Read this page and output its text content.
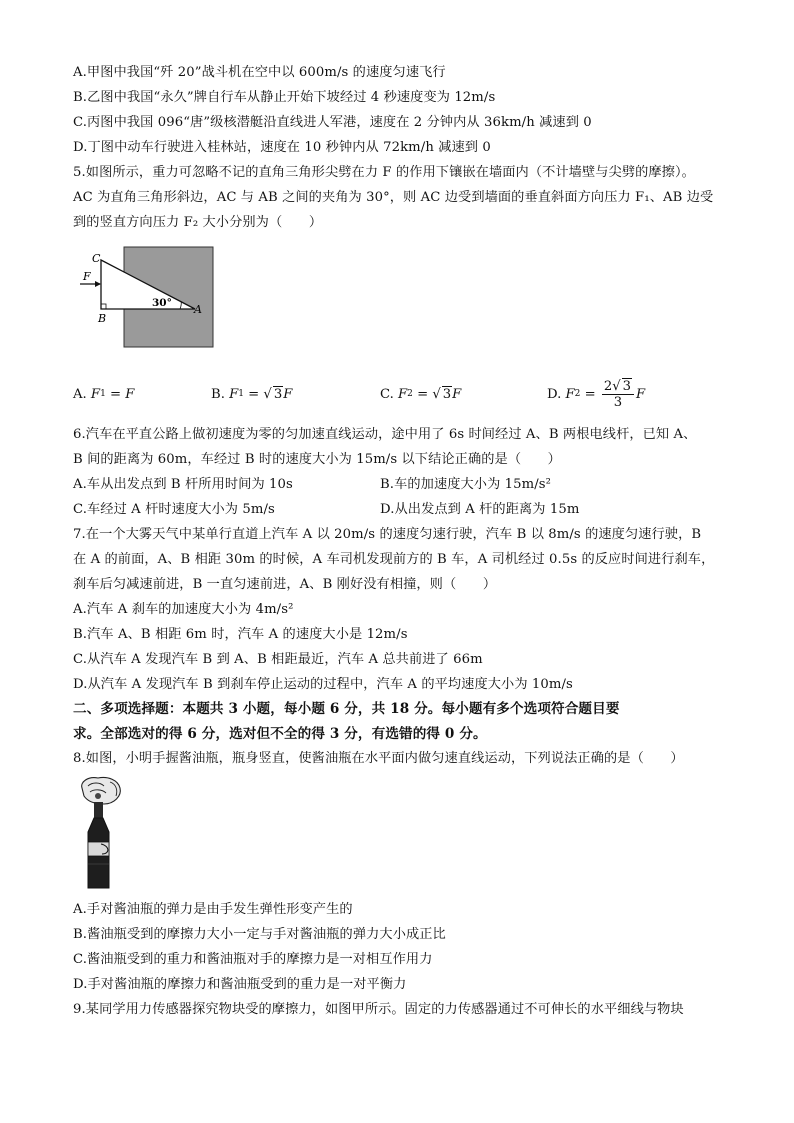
A.甲图中我国“歼 20”战斗机在空中以 600m/s 的速度匀速飞行
B.乙图中我国“永久”牌自行车从静止开始下坡经过 4 秒速度变为 12m/s
C.丙图中我国 096“唐”级核潜艇沿直线进人军港，速度在 2 分钟内从 36km/h 减速到 0
D.丁图中动车行驶进入桂林站，速度在 10 秒钟内从 72km/h 减速到 0
5.如图所示，重力可忽略不记的直角三角形尖劈在力 F 的作用下镶嵌在墙面内（不计墙壁与尖劈的摩擦）。
AC 为直角三角形斜边，AC 与 AB 之间的夹角为 30°，则 AC 边受到墙面的垂直斜面方向压力 F₁、AB 边受
到的竖直方向压力 F₂ 大小分别为（　　）
C
F
B
A
30°
A.
F 1 = F	B.
F 1 = √ 3 F	C.
F 2 = √ 3 F	D.
F $2 = \frac{2√ 3}{3}$ F
6.汽车在平直公路上做初速度为零的匀加速直线运动，途中用了 6s 时间经过 A、B 两根电线杆，已知 A、
B 间的距离为 60m，车经过 B 时的速度大小为 15m/s 以下结论正确的是（　　）
A.车从出发点到 B 杆所用时间为 10s	B.车的加速度大小为 15m/s²
C.车经过 A 杆时速度大小为 5m/s	D.从出发点到 A 杆的距离为 15m
7.在一个大雾天气中某单行直道上汽车 A 以 20m/s 的速度匀速行驶，汽车 B 以 8m/s 的速度匀速行驶，B
在 A 的前面，A、B 相距 30m 的时候，A 车司机发现前方的 B 车，A 司机经过 0.5s 的反应时间进行刹车，
刹车后匀减速前进，B 一直匀速前进，A、B 刚好没有相撞，则（　　）
A.汽车 A 刹车的加速度大小为 4m/s²
B.汽车 A、B 相距 6m 时，汽车 A 的速度大小是 12m/s
C.从汽车 A 发现汽车 B 到 A、B 相距最近，汽车 A 总共前进了 66m
D.从汽车 A 发现汽车 B 到刹车停止运动的过程中，汽车 A 的平均速度大小为 10m/s
二、多项选择题：本题共 3 小题，每小题 6 分，共 18 分。每小题有多个选项符合题目要
求。全部选对的得 6 分，选对但不全的得 3 分，有选错的得 0 分。
8.如图，小明手握酱油瓶，瓶身竖直，使酱油瓶在水平面内做匀速直线运动，下列说法正确的是（　　）
A.手对酱油瓶的弹力是由手发生弹性形变产生的
B.酱油瓶受到的摩擦力大小一定与手对酱油瓶的弹力大小成正比
C.酱油瓶受到的重力和酱油瓶对手的摩擦力是一对相互作用力
D.手对酱油瓶的摩擦力和酱油瓶受到的重力是一对平衡力
9.某同学用力传感器探究物块受的摩擦力，如图甲所示。固定的力传感器通过不可伸长的水平细线与物块
